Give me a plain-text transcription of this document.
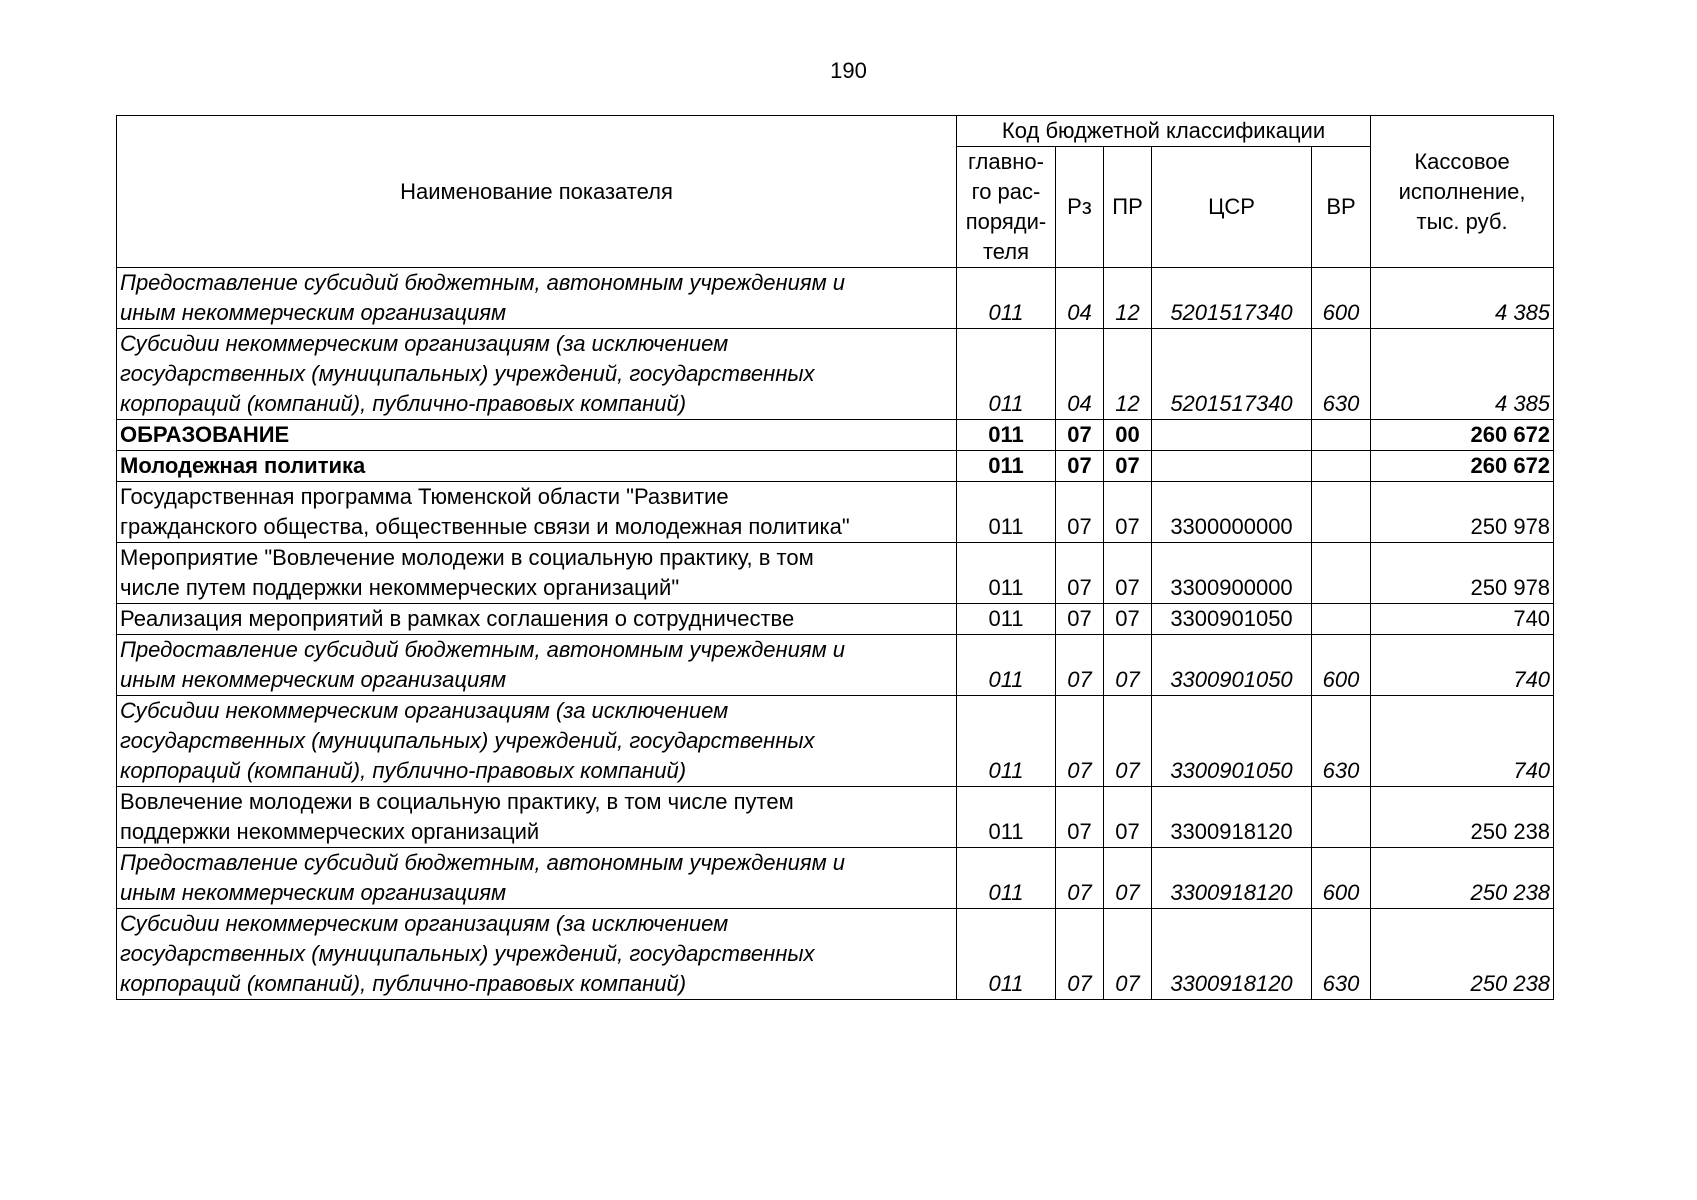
190
Наименование показателя	Код бюджетной классификации					Кассовое
исполнение,
тыс. руб.

	главно-
го рас-
поряди-
теля	Рз	ПР	ЦСР	ВР	

Предоставление субсидий бюджетным, автономным учреждениям и
иным некоммерческим организациям	011	04	12	5201517340	600	4 385

Субсидии некоммерческим организациям (за исключением
государственных (муниципальных) учреждений, государственных
корпораций (компаний), публично-правовых компаний)	011	04	12	5201517340	630	4 385

ОБРАЗОВАНИЕ	011	07	00			260 672

Молодежная политика	011	07	07			260 672

Государственная программа Тюменской области "Развитие
гражданского общества, общественные связи и молодежная политика"	011	07	07	3300000000		250 978

Мероприятие "Вовлечение молодежи в социальную практику, в том
числе путем поддержки некоммерческих организаций"	011	07	07	3300900000		250 978

Реализация мероприятий в рамках соглашения о сотрудничестве	011	07	07	3300901050		740

Предоставление субсидий бюджетным, автономным учреждениям и
иным некоммерческим организациям	011	07	07	3300901050	600	740

Субсидии некоммерческим организациям (за исключением
государственных (муниципальных) учреждений, государственных
корпораций (компаний), публично-правовых компаний)	011	07	07	3300901050	630	740

Вовлечение молодежи в социальную практику, в том числе путем
поддержки некоммерческих организаций	011	07	07	3300918120		250 238

Предоставление субсидий бюджетным, автономным учреждениям и
иным некоммерческим организациям	011	07	07	3300918120	600	250 238

Субсидии некоммерческим организациям (за исключением
государственных (муниципальных) учреждений, государственных
корпораций (компаний), публично-правовых компаний)	011	07	07	3300918120	630	250 238
